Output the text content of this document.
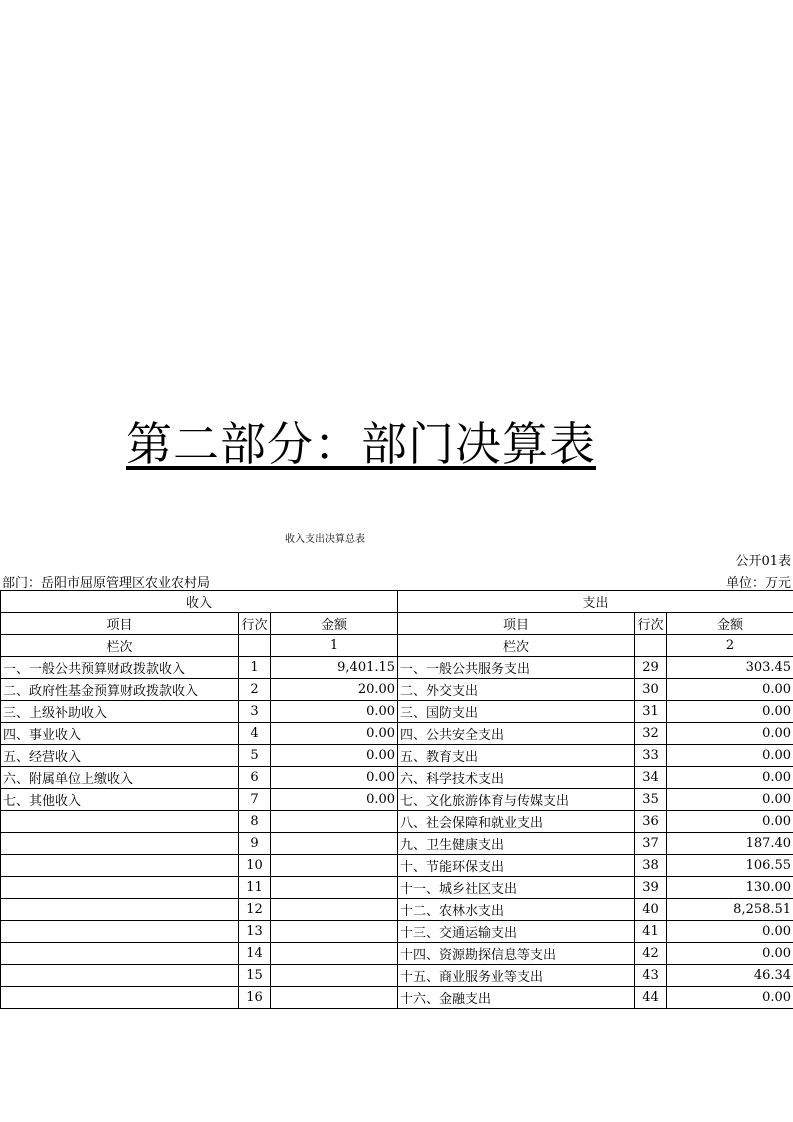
第二部分：部门决算表
收入支出决算总表
公开01表
部门：岳阳市屈原管理区农业农村局	单位：万元
收入			支出		
项目	行次	金额	项目	行次	金额
栏次		1	栏次		2
一、一般公共预算财政拨款收入	1	9,401.15	一、一般公共服务支出	29	303.45
二、政府性基金预算财政拨款收入	2	20.00	二、外交支出	30	0.00
三、上级补助收入	3	0.00	三、国防支出	31	0.00
四、事业收入	4	0.00	四、公共安全支出	32	0.00
五、经营收入	5	0.00	五、教育支出	33	0.00
六、附属单位上缴收入	6	0.00	六、科学技术支出	34	0.00
七、其他收入	7	0.00	七、文化旅游体育与传媒支出	35	0.00
	8		八、社会保障和就业支出	36	0.00
	9		九、卫生健康支出	37	187.40
	10		十、节能环保支出	38	106.55
	11		十一、城乡社区支出	39	130.00
	12		十二、农林水支出	40	8,258.51
	13		十三、交通运输支出	41	0.00
	14		十四、资源勘探信息等支出	42	0.00
	15		十五、商业服务业等支出	43	46.34
	16		十六、金融支出	44	0.00
